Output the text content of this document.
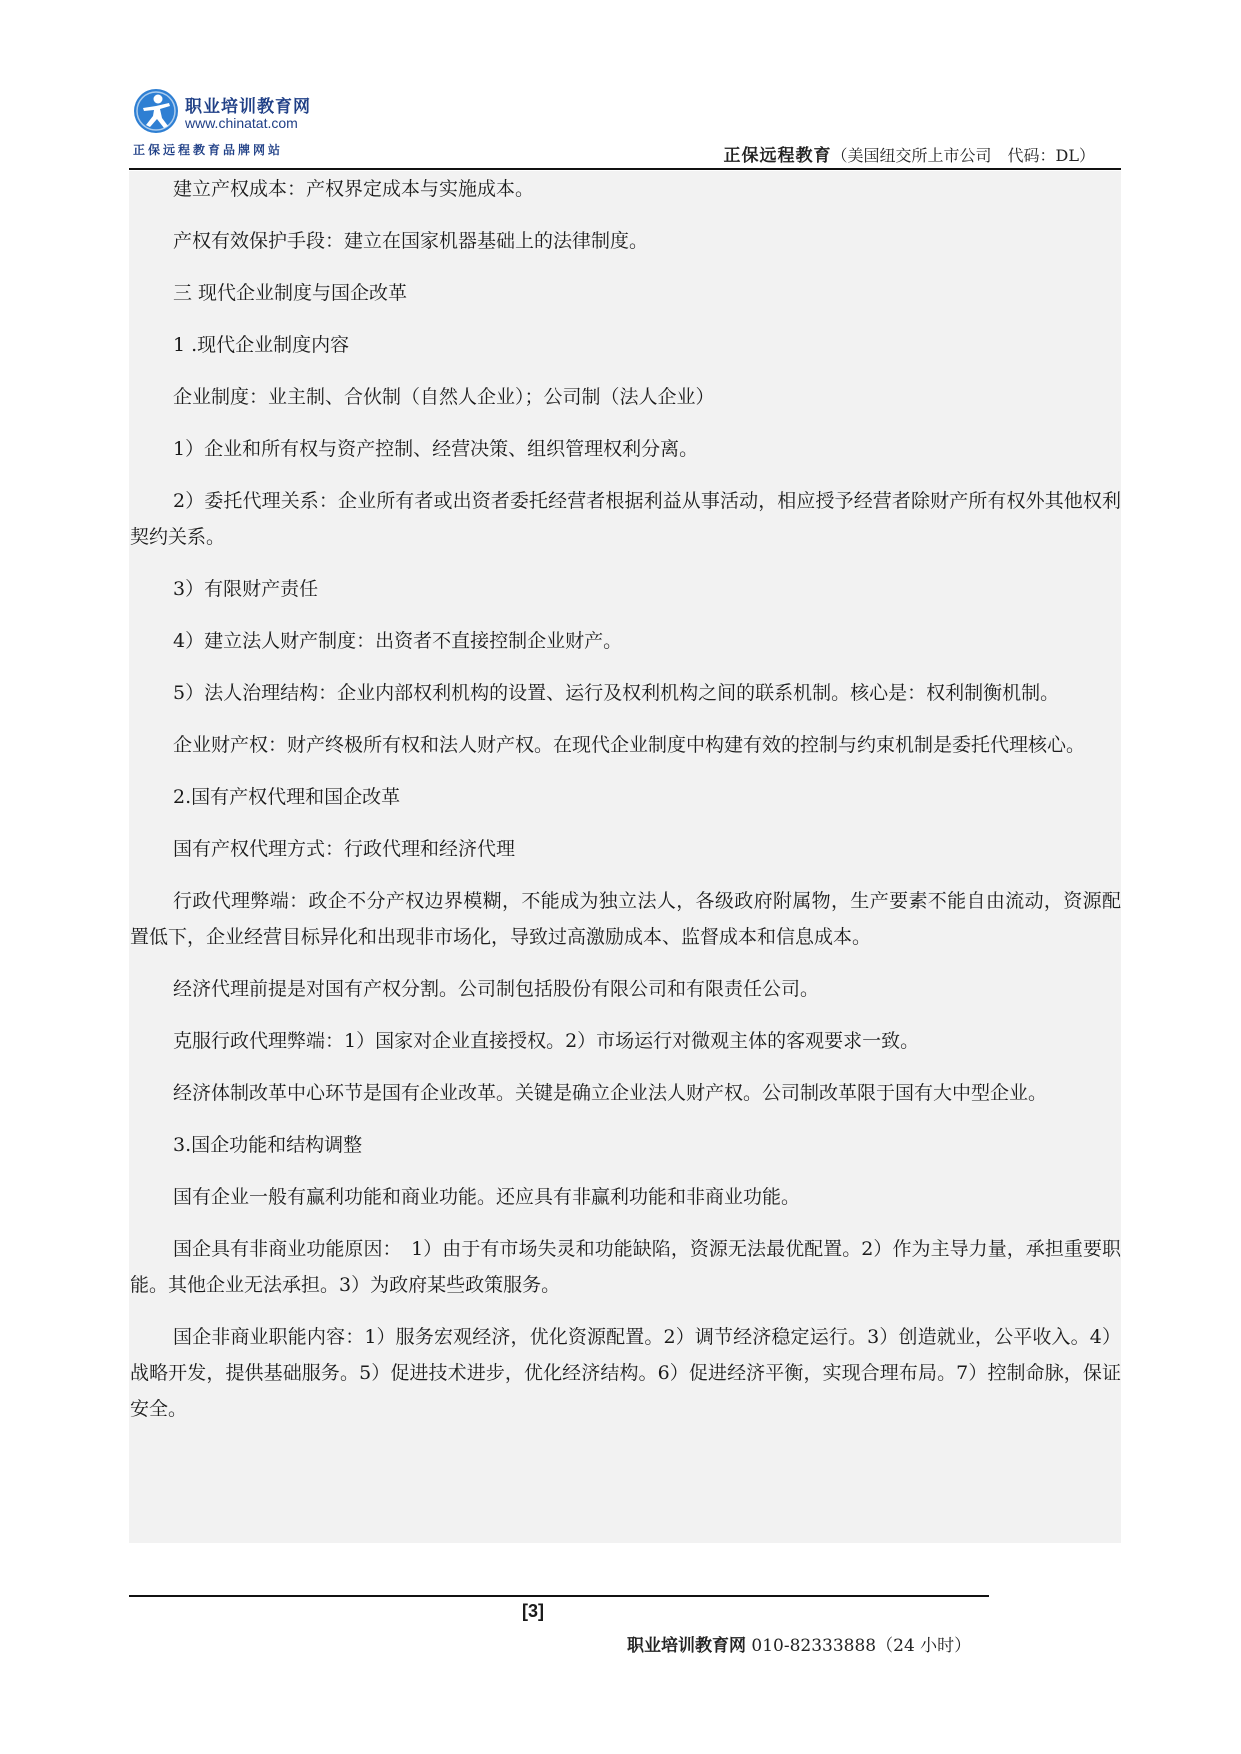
职业培训教育网
www.chinatat.com
正保远程教育品牌网站	正保远程教育（美国纽交所上市公司　代码：DL）

建立产权成本：产权界定成本与实施成本。

产权有效保护手段：建立在国家机器基础上的法律制度。

三 现代企业制度与国企改革

1 .现代企业制度内容

企业制度：业主制、合伙制（自然人企业）；公司制（法人企业）

1）企业和所有权与资产控制、经营决策、组织管理权利分离。

2）委托代理关系：企业所有者或出资者委托经营者根据利益从事活动，相应授予经营者除财产所有权外其他权利契约关系。

3）有限财产责任

4）建立法人财产制度：出资者不直接控制企业财产。

5）法人治理结构：企业内部权利机构的设置、运行及权利机构之间的联系机制。核心是：权利制衡机制。

企业财产权：财产终极所有权和法人财产权。在现代企业制度中构建有效的控制与约束机制是委托代理核心。

2.国有产权代理和国企改革

国有产权代理方式：行政代理和经济代理

行政代理弊端：政企不分产权边界模糊，不能成为独立法人，各级政府附属物，生产要素不能自由流动，资源配置低下，企业经营目标异化和出现非市场化，导致过高激励成本、监督成本和信息成本。

经济代理前提是对国有产权分割。公司制包括股份有限公司和有限责任公司。

克服行政代理弊端：1）国家对企业直接授权。2）市场运行对微观主体的客观要求一致。

经济体制改革中心环节是国有企业改革。关键是确立企业法人财产权。公司制改革限于国有大中型企业。

3.国企功能和结构调整

国有企业一般有赢利功能和商业功能。还应具有非赢利功能和非商业功能。

国企具有非商业功能原因：　1）由于有市场失灵和功能缺陷，资源无法最优配置。2）作为主导力量，承担重要职能。其他企业无法承担。3）为政府某些政策服务。

国企非商业职能内容：1）服务宏观经济，优化资源配置。2）调节经济稳定运行。3）创造就业，公平收入。4）战略开发，提供基础服务。5）促进技术进步，优化经济结构。6）促进经济平衡，实现合理布局。7）控制命脉，保证安全。

[3]
职业培训教育网 010-82333888（24 小时）
